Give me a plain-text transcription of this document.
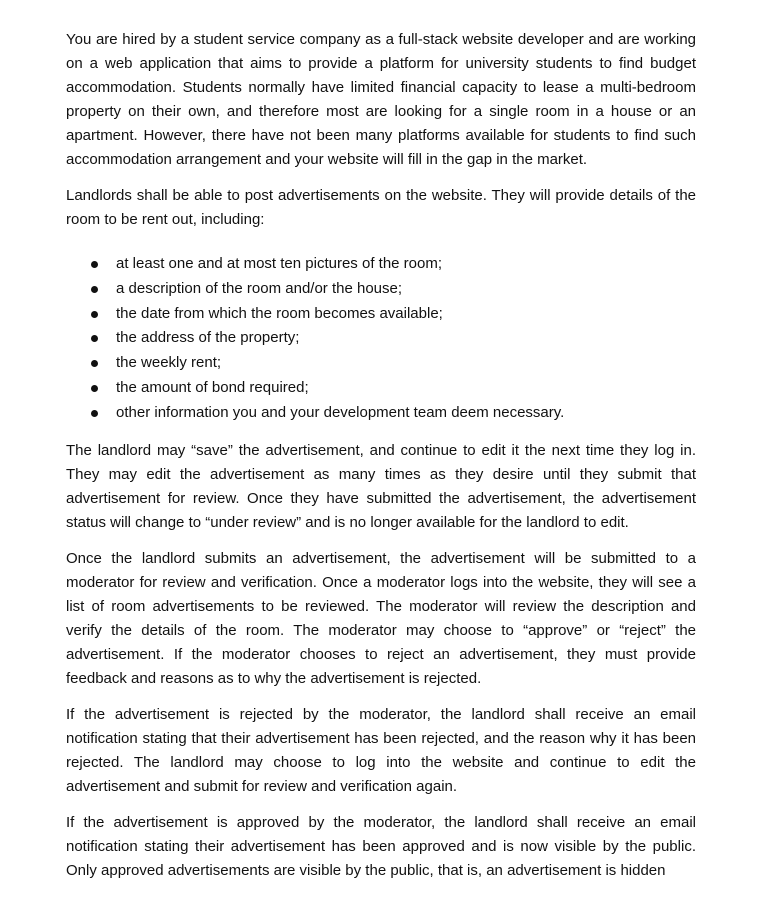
You are hired by a student service company as a full-stack website developer and are working on a web application that aims to provide a platform for university students to find budget accommodation. Students normally have limited financial capacity to lease a multi-bedroom property on their own, and therefore most are looking for a single room in a house or an apartment. However, there have not been many platforms available for students to find such accommodation arrangement and your website will fill in the gap in the market.

Landlords shall be able to post advertisements on the website. They will provide details of the room to be rent out, including:

at least one and at most ten pictures of the room;
a description of the room and/or the house;
the date from which the room becomes available;
the address of the property;
the weekly rent;
the amount of bond required;
other information you and your development team deem necessary.

The landlord may “save” the advertisement, and continue to edit it the next time they log in. They may edit the advertisement as many times as they desire until they submit that advertisement for review. Once they have submitted the advertisement, the advertisement status will change to “under review” and is no longer available for the landlord to edit.

Once the landlord submits an advertisement, the advertisement will be submitted to a moderator for review and verification. Once a moderator logs into the website, they will see a list of room advertisements to be reviewed. The moderator will review the description and verify the details of the room. The moderator may choose to “approve” or “reject” the advertisement. If the moderator chooses to reject an advertisement, they must provide feedback and reasons as to why the advertisement is rejected.

If the advertisement is rejected by the moderator, the landlord shall receive an email notification stating that their advertisement has been rejected, and the reason why it has been rejected. The landlord may choose to log into the website and continue to edit the advertisement and submit for review and verification again.

If the advertisement is approved by the moderator, the landlord shall receive an email notification stating their advertisement has been approved and is now visible by the public. Only approved advertisements are visible by the public, that is, an advertisement is hidden
